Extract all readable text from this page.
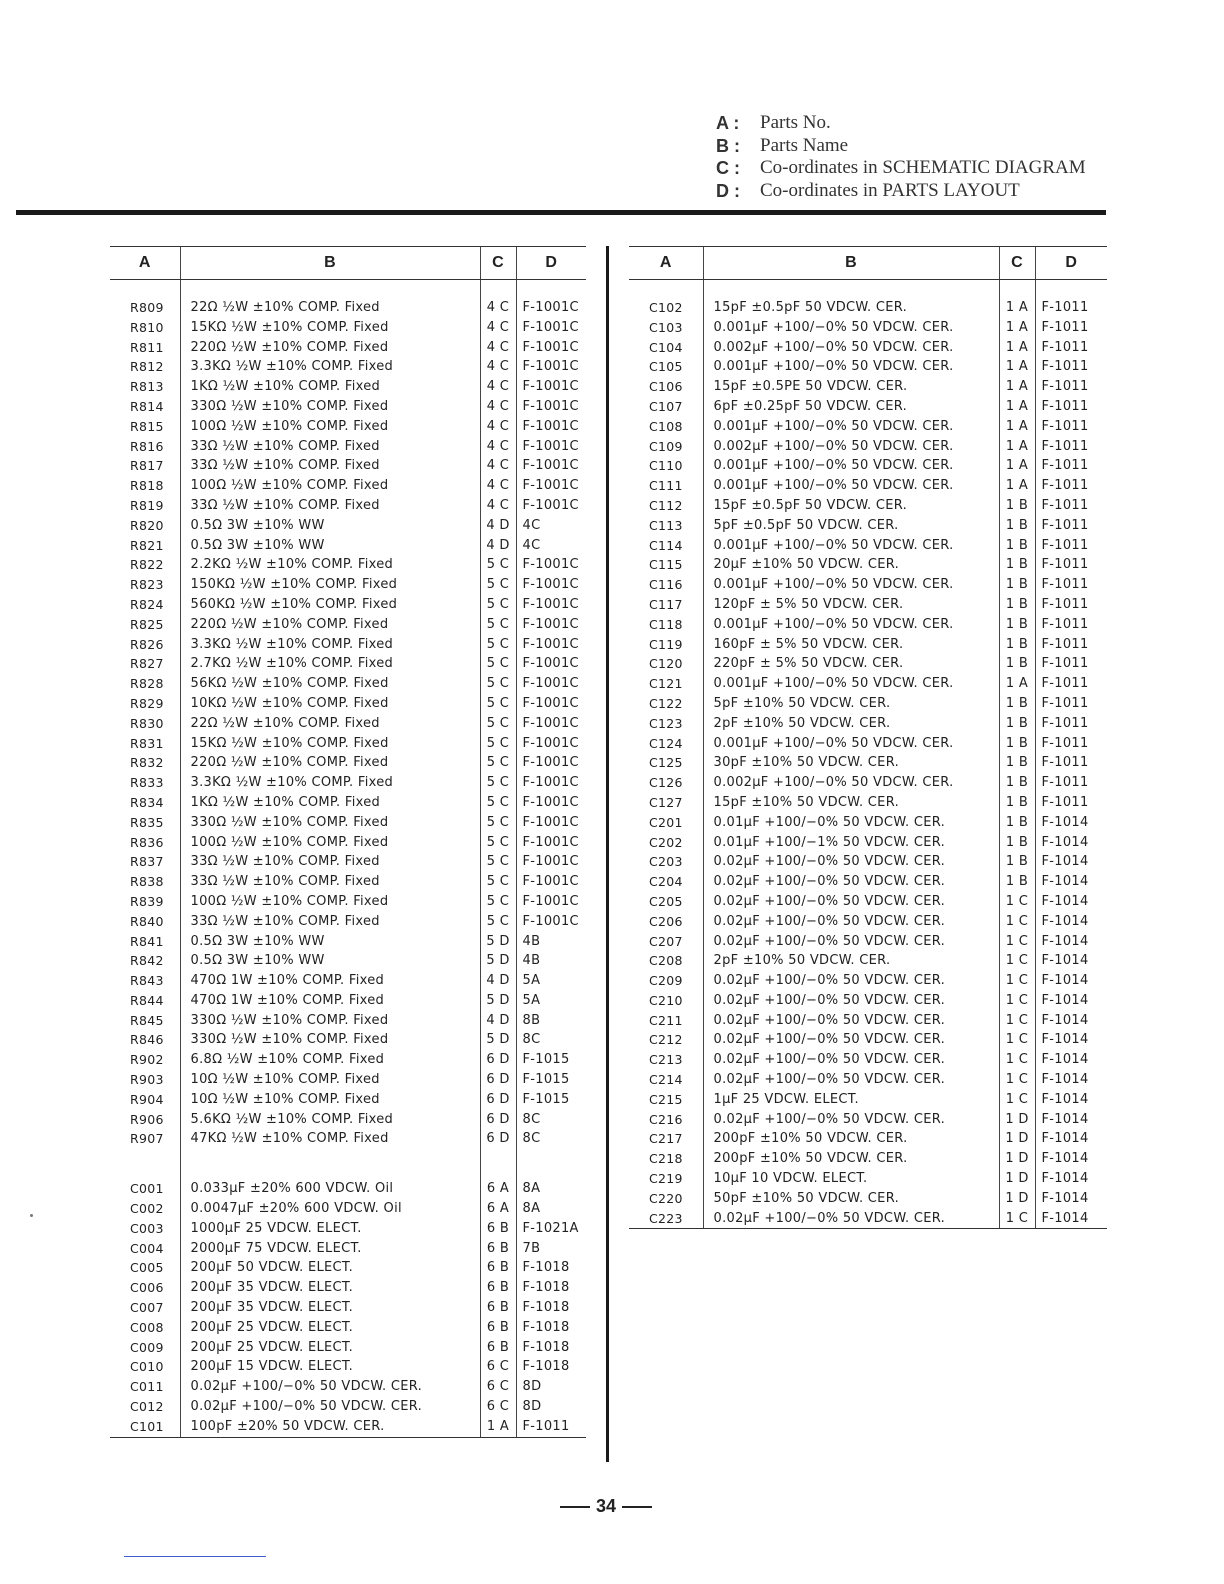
A :	Parts No.
B :	Parts Name
C :	Co-ordinates in SCHEMATIC DIAGRAM
D :	Co-ordinates in PARTS LAYOUT
A	B	C	D

R809	22Ω ½W ±10% COMP. Fixed	4 C	F-1001C
R810	15KΩ ½W ±10% COMP. Fixed	4 C	F-1001C
R811	220Ω ½W ±10% COMP. Fixed	4 C	F-1001C
R812	3.3KΩ ½W ±10% COMP. Fixed	4 C	F-1001C
R813	1KΩ ½W ±10% COMP. Fixed	4 C	F-1001C
R814	330Ω ½W ±10% COMP. Fixed	4 C	F-1001C
R815	100Ω ½W ±10% COMP. Fixed	4 C	F-1001C
R816	33Ω ½W ±10% COMP. Fixed	4 C	F-1001C
R817	33Ω ½W ±10% COMP. Fixed	4 C	F-1001C
R818	100Ω ½W ±10% COMP. Fixed	4 C	F-1001C
R819	33Ω ½W ±10% COMP. Fixed	4 C	F-1001C
R820	0.5Ω 3W ±10% WW	4 D	4C
R821	0.5Ω 3W ±10% WW	4 D	4C
R822	2.2KΩ ½W ±10% COMP. Fixed	5 C	F-1001C
R823	150KΩ ½W ±10% COMP. Fixed	5 C	F-1001C
R824	560KΩ ½W ±10% COMP. Fixed	5 C	F-1001C
R825	220Ω ½W ±10% COMP. Fixed	5 C	F-1001C
R826	3.3KΩ ½W ±10% COMP. Fixed	5 C	F-1001C
R827	2.7KΩ ½W ±10% COMP. Fixed	5 C	F-1001C
R828	56KΩ ½W ±10% COMP. Fixed	5 C	F-1001C
R829	10KΩ ½W ±10% COMP. Fixed	5 C	F-1001C
R830	22Ω ½W ±10% COMP. Fixed	5 C	F-1001C
R831	15KΩ ½W ±10% COMP. Fixed	5 C	F-1001C
R832	220Ω ½W ±10% COMP. Fixed	5 C	F-1001C
R833	3.3KΩ ½W ±10% COMP. Fixed	5 C	F-1001C
R834	1KΩ ½W ±10% COMP. Fixed	5 C	F-1001C
R835	330Ω ½W ±10% COMP. Fixed	5 C	F-1001C
R836	100Ω ½W ±10% COMP. Fixed	5 C	F-1001C
R837	33Ω ½W ±10% COMP. Fixed	5 C	F-1001C
R838	33Ω ½W ±10% COMP. Fixed	5 C	F-1001C
R839	100Ω ½W ±10% COMP. Fixed	5 C	F-1001C
R840	33Ω ½W ±10% COMP. Fixed	5 C	F-1001C
R841	0.5Ω 3W ±10% WW	5 D	4B
R842	0.5Ω 3W ±10% WW	5 D	4B
R843	470Ω 1W ±10% COMP. Fixed	4 D	5A
R844	470Ω 1W ±10% COMP. Fixed	5 D	5A
R845	330Ω ½W ±10% COMP. Fixed	4 D	8B
R846	330Ω ½W ±10% COMP. Fixed	5 D	8C
R902	6.8Ω ½W ±10% COMP. Fixed	6 D	F-1015
R903	10Ω ½W ±10% COMP. Fixed	6 D	F-1015
R904	10Ω ½W ±10% COMP. Fixed	6 D	F-1015
R906	5.6KΩ ½W ±10% COMP. Fixed	6 D	8C
R907	47KΩ ½W ±10% COMP. Fixed	6 D	8C

C001	0.033μF ±20% 600 VDCW. Oil	6 A	8A
C002	0.0047μF ±20% 600 VDCW. Oil	6 A	8A
C003	1000μF 25 VDCW. ELECT.	6 B	F-1021A
C004	2000μF 75 VDCW. ELECT.	6 B	7B
C005	200μF 50 VDCW. ELECT.	6 B	F-1018
C006	200μF 35 VDCW. ELECT.	6 B	F-1018
C007	200μF 35 VDCW. ELECT.	6 B	F-1018
C008	200μF 25 VDCW. ELECT.	6 B	F-1018
C009	200μF 25 VDCW. ELECT.	6 B	F-1018
C010	200μF 15 VDCW. ELECT.	6 C	F-1018
C011	0.02μF +100/−0% 50 VDCW. CER.	6 C	8D
C012	0.02μF +100/−0% 50 VDCW. CER.	6 C	8D
C101	100pF ±20% 50 VDCW. CER.	1 A	F-1011
A	B	C	D

C102	15pF ±0.5pF 50 VDCW. CER.	1 A	F-1011
C103	0.001μF +100/−0% 50 VDCW. CER.	1 A	F-1011
C104	0.002μF +100/−0% 50 VDCW. CER.	1 A	F-1011
C105	0.001μF +100/−0% 50 VDCW. CER.	1 A	F-1011
C106	15pF ±0.5PE 50 VDCW. CER.	1 A	F-1011
C107	6pF ±0.25pF 50 VDCW. CER.	1 A	F-1011
C108	0.001μF +100/−0% 50 VDCW. CER.	1 A	F-1011
C109	0.002μF +100/−0% 50 VDCW. CER.	1 A	F-1011
C110	0.001μF +100/−0% 50 VDCW. CER.	1 A	F-1011
C111	0.001μF +100/−0% 50 VDCW. CER.	1 A	F-1011
C112	15pF ±0.5pF 50 VDCW. CER.	1 B	F-1011
C113	5pF ±0.5pF 50 VDCW. CER.	1 B	F-1011
C114	0.001μF +100/−0% 50 VDCW. CER.	1 B	F-1011
C115	20μF ±10% 50 VDCW. CER.	1 B	F-1011
C116	0.001μF +100/−0% 50 VDCW. CER.	1 B	F-1011
C117	120pF ± 5% 50 VDCW. CER.	1 B	F-1011
C118	0.001μF +100/−0% 50 VDCW. CER.	1 B	F-1011
C119	160pF ± 5% 50 VDCW. CER.	1 B	F-1011
C120	220pF ± 5% 50 VDCW. CER.	1 B	F-1011
C121	0.001μF +100/−0% 50 VDCW. CER.	1 A	F-1011
C122	5pF ±10% 50 VDCW. CER.	1 B	F-1011
C123	2pF ±10% 50 VDCW. CER.	1 B	F-1011
C124	0.001μF +100/−0% 50 VDCW. CER.	1 B	F-1011
C125	30pF ±10% 50 VDCW. CER.	1 B	F-1011
C126	0.002μF +100/−0% 50 VDCW. CER.	1 B	F-1011
C127	15pF ±10% 50 VDCW. CER.	1 B	F-1011
C201	0.01μF +100/−0% 50 VDCW. CER.	1 B	F-1014
C202	0.01μF +100/−1% 50 VDCW. CER.	1 B	F-1014
C203	0.02μF +100/−0% 50 VDCW. CER.	1 B	F-1014
C204	0.02μF +100/−0% 50 VDCW. CER.	1 B	F-1014
C205	0.02μF +100/−0% 50 VDCW. CER.	1 C	F-1014
C206	0.02μF +100/−0% 50 VDCW. CER.	1 C	F-1014
C207	0.02μF +100/−0% 50 VDCW. CER.	1 C	F-1014
C208	2pF ±10% 50 VDCW. CER.	1 C	F-1014
C209	0.02μF +100/−0% 50 VDCW. CER.	1 C	F-1014
C210	0.02μF +100/−0% 50 VDCW. CER.	1 C	F-1014
C211	0.02μF +100/−0% 50 VDCW. CER.	1 C	F-1014
C212	0.02μF +100/−0% 50 VDCW. CER.	1 C	F-1014
C213	0.02μF +100/−0% 50 VDCW. CER.	1 C	F-1014
C214	0.02μF +100/−0% 50 VDCW. CER.	1 C	F-1014
C215	1μF 25 VDCW. ELECT.	1 C	F-1014
C216	0.02μF +100/−0% 50 VDCW. CER.	1 D	F-1014
C217	200pF ±10% 50 VDCW. CER.	1 D	F-1014
C218	200pF ±10% 50 VDCW. CER.	1 D	F-1014
C219	10μF 10 VDCW. ELECT.	1 D	F-1014
C220	50pF ±10% 50 VDCW. CER.	1 D	F-1014
C223	0.02μF +100/−0% 50 VDCW. CER.	1 C	F-1014
34
